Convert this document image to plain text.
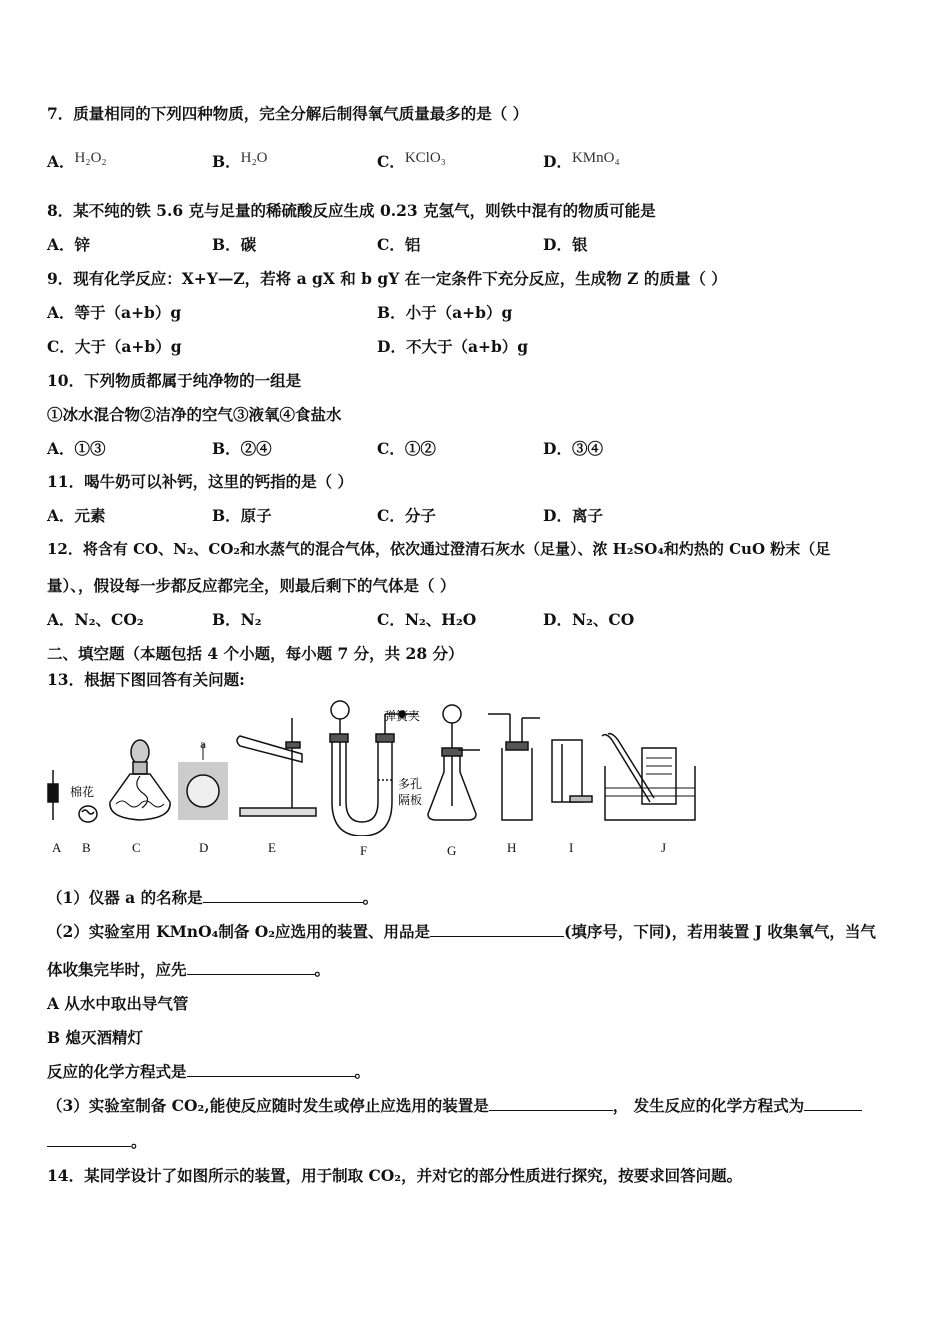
7．质量相同的下列四种物质，完全分解后制得氧气质量最多的是（ ）
A．H₂O₂	B．H₂O	C．KClO₃	D．KMnO₄
8．某不纯的铁 5.6 克与足量的稀硫酸反应生成 0.23 克氢气，则铁中混有的物质可能是
A．锌	B．碳	C．铝	D．银
9．现有化学反应：X+Y—Z，若将 a gX 和 b gY 在一定条件下充分反应，生成物 Z 的质量（ ）
A．等于（a+b）g	B．小于（a+b）g
C．大于（a+b）g	D．不大于（a+b）g
10．下列物质都属于纯净物的一组是
①冰水混合物②洁净的空气③液氧④食盐水
A．①③	B．②④	C．①②	D．③④
11．喝牛奶可以补钙，这里的钙指的是（ ）
A．元素	B．原子	C．分子	D．离子
12．将含有 CO、N₂、CO₂和水蒸气的混合气体，依次通过澄清石灰水（足量）、浓 H₂SO₄和灼热的 CuO 粉末（足
量）、，假设每一步都反应都完全，则最后剩下的气体是（ ）
A．N₂、CO₂	B．N₂	C．N₂、H₂O	D．N₂、CO
二、填空题（本题包括 4 个小题，每小题 7 分，共 28 分）
13．根据下图回答有关问题:
棉花
a
弹簧夹
多孔
隔板
A B	C	D	E	F	G	H	I	J
（1）仪器 a 的名称是	。
（2）实验室用 KMnO₄制备 O₂应选用的装置、用品是	(填序号，下同)，若用装置 J 收集氧气，当气
体收集完毕时，应先	。
A 从水中取出导气管
B 熄灭酒精灯
反应的化学方程式是	。
（3）实验室制备 CO₂,能使反应随时发生或停止应选用的装置是	， 发生反应的化学方程式为
。
14．某同学设计了如图所示的装置，用于制取 CO₂，并对它的部分性质进行探究，按要求回答问题。
